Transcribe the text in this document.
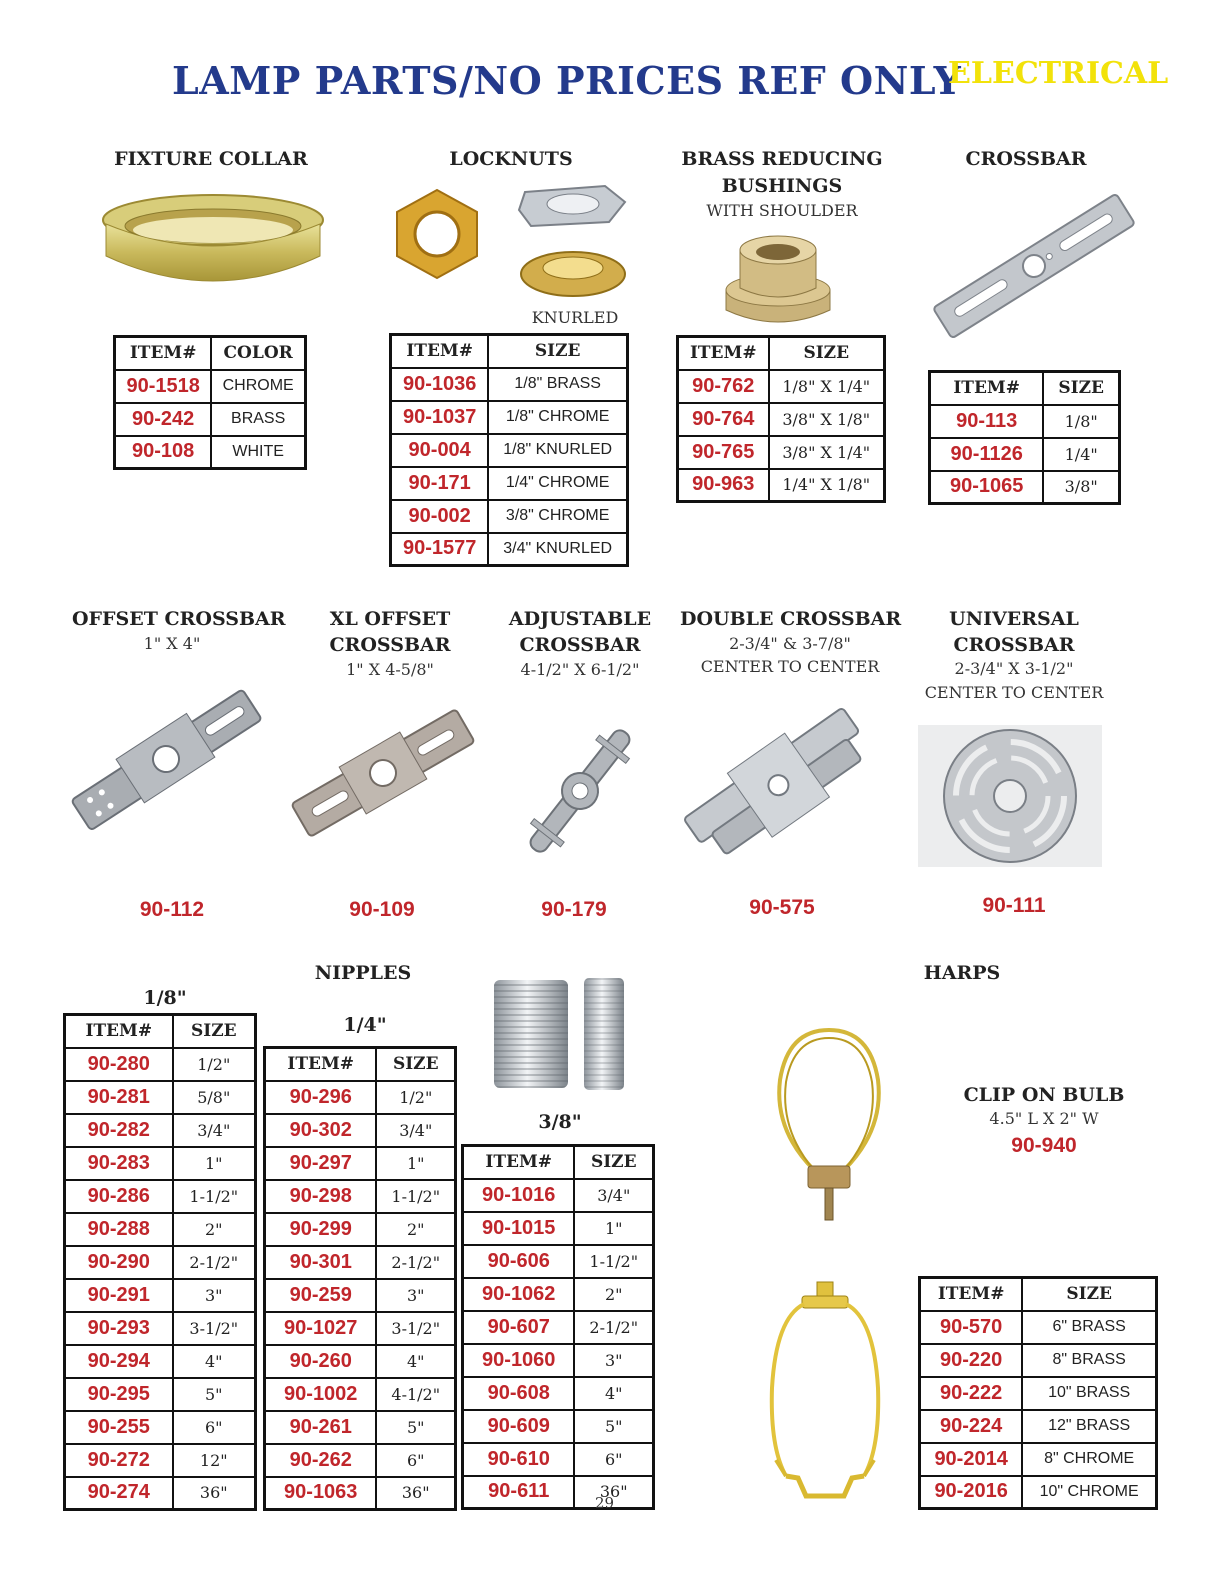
LAMP PARTS/NO PRICES REF ONLY
ELECTRICAL
FIXTURE COLLAR
ITEM#	COLOR
90-1518	CHROME
90-242	BRASS
90-108	WHITE
LOCKNUTS
KNURLED
ITEM#	SIZE
90-1036	1/8" BRASS
90-1037	1/8" CHROME
90-004	1/8" KNURLED
90-171	1/4" CHROME
90-002	3/8" CHROME
90-1577	3/4" KNURLED
BRASS REDUCING
BUSHINGS
WITH SHOULDER
ITEM#	SIZE
90-762	1/8" X 1/4"
90-764	3/8" X 1/8"
90-765	3/8" X 1/4"
90-963	1/4" X 1/8"
CROSSBAR
ITEM#	SIZE
90-113	1/8"
90-1126	1/4"
90-1065	3/8"
OFFSET CROSSBAR
1" X 4"
90-112
XL OFFSET
CROSSBAR
1" X 4-5/8"
90-109
ADJUSTABLE
CROSSBAR
4-1/2" X 6-1/2"
90-179
DOUBLE CROSSBAR
2-3/4" & 3-7/8"
CENTER TO CENTER
90-575
UNIVERSAL
CROSSBAR
2-3/4" X 3-1/2"
CENTER TO CENTER
90-111
NIPPLES
1/8"
ITEM#	SIZE
90-280	1/2"
90-281	5/8"
90-282	3/4"
90-283	1"
90-286	1-1/2"
90-288	2"
90-290	2-1/2"
90-291	3"
90-293	3-1/2"
90-294	4"
90-295	5"
90-255	6"
90-272	12"
90-274	36"
1/4"
ITEM#	SIZE
90-296	1/2"
90-302	3/4"
90-297	1"
90-298	1-1/2"
90-299	2"
90-301	2-1/2"
90-259	3"
90-1027	3-1/2"
90-260	4"
90-1002	4-1/2"
90-261	5"
90-262	6"
90-1063	36"
3/8"
ITEM#	SIZE
90-1016	3/4"
90-1015	1"
90-606	1-1/2"
90-1062	2"
90-607	2-1/2"
90-1060	3"
90-608	4"
90-609	5"
90-610	6"
90-611	36"
HARPS
CLIP ON BULB
4.5" L X 2" W
90-940
ITEM#	SIZE
90-570	6" BRASS
90-220	8" BRASS
90-222	10" BRASS
90-224	12" BRASS
90-2014	8" CHROME
90-2016	10" CHROME
29
